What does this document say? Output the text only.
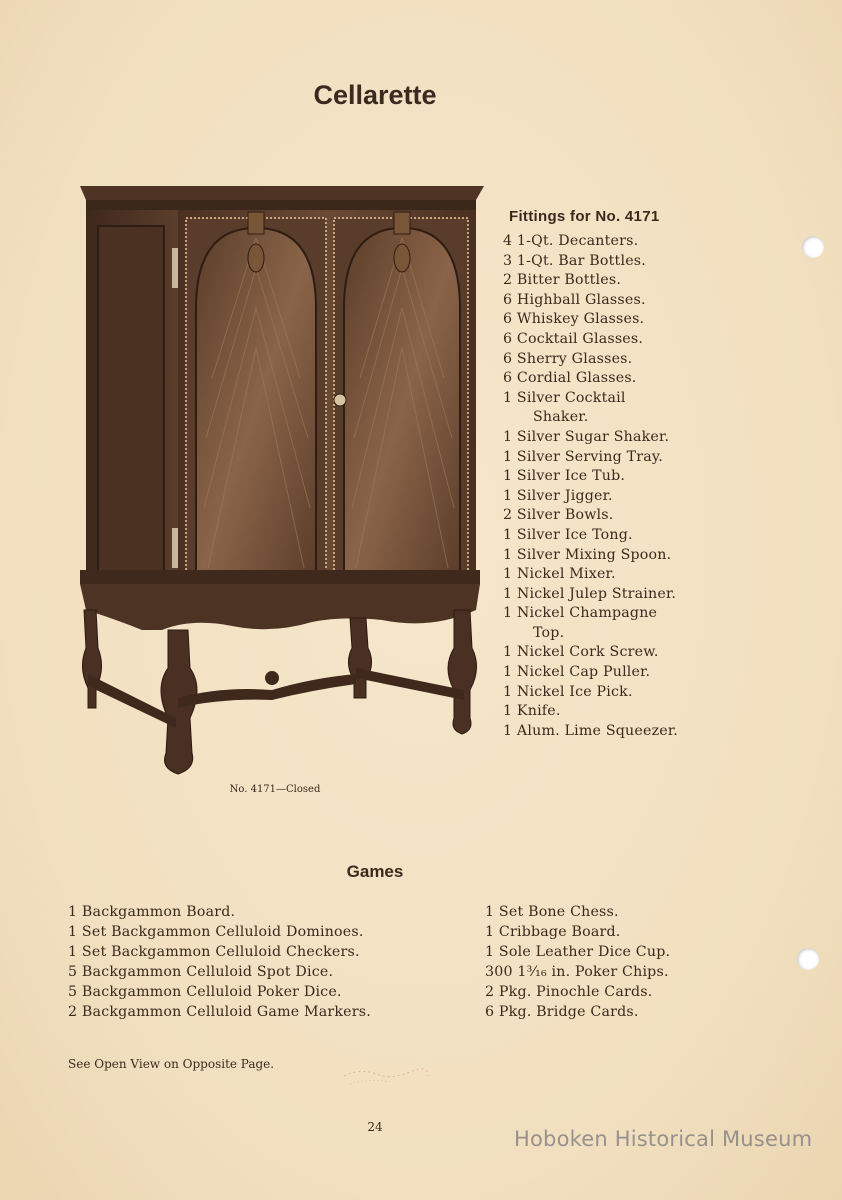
Cellarette
No. 4171—Closed
Fittings for No. 4171
4 1-Qt. Decanters.
3 1-Qt. Bar Bottles.
2 Bitter Bottles.
6 Highball Glasses.
6 Whiskey Glasses.
6 Cocktail Glasses.
6 Sherry Glasses.
6 Cordial Glasses.
1 Silver Cocktail
Shaker.
1 Silver Sugar Shaker.
1 Silver Serving Tray.
1 Silver Ice Tub.
1 Silver Jigger.
2 Silver Bowls.
1 Silver Ice Tong.
1 Silver Mixing Spoon.
1 Nickel Mixer.
1 Nickel Julep Strainer.
1 Nickel Champagne
Top.
1 Nickel Cork Screw.
1 Nickel Cap Puller.
1 Nickel Ice Pick.
1 Knife.
1 Alum. Lime Squeezer.
Games
1 Backgammon Board.
1 Set Backgammon Celluloid Dominoes.
1 Set Backgammon Celluloid Checkers.
5 Backgammon Celluloid Spot Dice.
5 Backgammon Celluloid Poker Dice.
2 Backgammon Celluloid Game Markers.
1 Set Bone Chess.
1 Cribbage Board.
1 Sole Leather Dice Cup.
300 1³⁄₁₆ in. Poker Chips.
2 Pkg. Pinochle Cards.
6 Pkg. Bridge Cards.
See Open View on Opposite Page.
24	Hoboken Historical Museum
